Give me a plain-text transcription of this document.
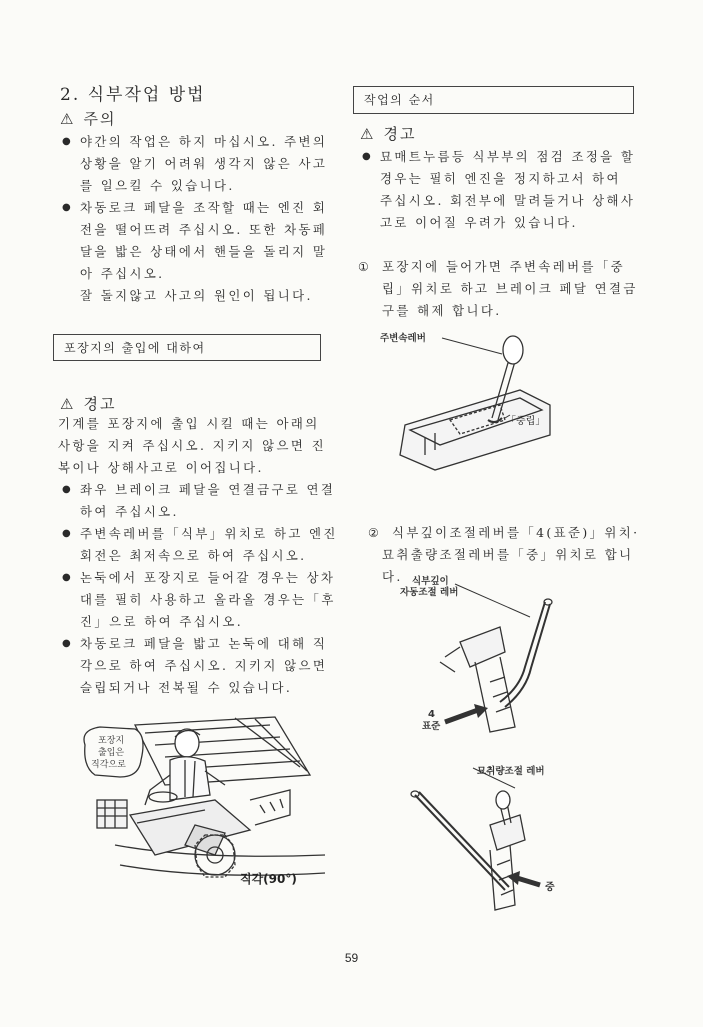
2. 식부작업 방법
⚠ 주의
● 야간의 작업은 하지 마십시오. 주변의 상황을 알기 어려워 생각지 않은 사고를 일으킬 수 있습니다.
● 차동로크 페달을 조작할 때는 엔진 회전을 떨어뜨려 주십시오. 또한 차동페달을 밟은 상태에서 핸들을 돌리지 말아 주십시오.
잘 돌지않고 사고의 원인이 됩니다.
포장지의 출입에 대하여
⚠ 경고
기계를 포장지에 출입 시킬 때는 아래의 사항을 지켜 주십시오. 지키지 않으면 진복이나 상해사고로 이어집니다.
● 좌우 브레이크 페달을 연결금구로 연결하여 주십시오.
● 주변속레버를「식부」위치로 하고 엔진 회전은 최저속으로 하여 주십시오.
● 논둑에서 포장지로 들어갈 경우는 상차대를 필히 사용하고 올라올 경우는「후진」으로 하여 주십시오.
● 차동로크 페달을 밟고 논둑에 대해 직각으로 하여 주십시오. 지키지 않으면 슬립되거나 전복될 수 있습니다.
포장지
출입은
직각으로
직각(90°)
작업의 순서
⚠ 경고
● 묘매트누름등 식부부의 점검 조정을 할 경우는 필히 엔진을 정지하고서 하여 주십시오. 회전부에 말려들거나 상해사고로 이어질 우려가 있습니다.
① 포장지에 들어가면 주변속레버를「중립」위치로 하고 브레이크 페달 연결금구를 해제 합니다.
주변속레버
「중립」
② 식부깊이조절레버를「4(표준)」위치·묘취출량조절레버를「중」위치로 합니다. 식부깊이
자동조절 레버
4
표준
묘취량조절 레버
중
59
